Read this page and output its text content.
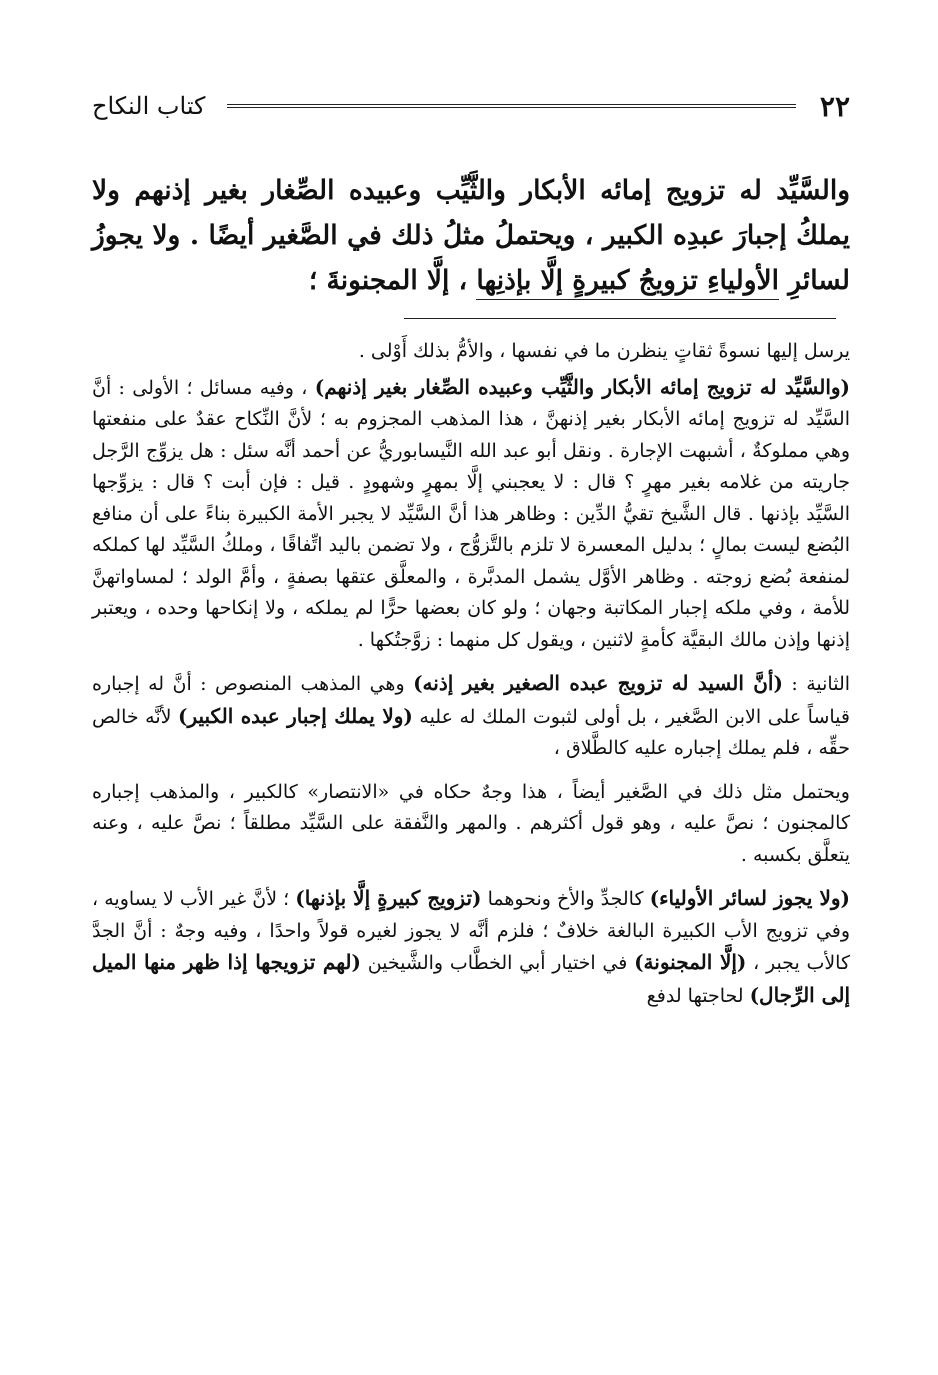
٢٢
كتاب النكاح
والسَّيِّد له تزويج إمائه الأبكار والثَّيِّب وعبيده الصِّغار بغير إذنهم ولا يملكُ إجبارَ عبدِه الكبير ، ويحتملُ مثلُ ذلك في الصَّغير أيضًا . ولا يجوزُ لسائرِ الأولياءِ تزويجُ كبيرةٍ إلَّا بإذنِها ، إلَّا المجنونةَ ؛

يرسل إليها نسوةً ثقاتٍ ينظرن ما في نفسها ، والأمُّ بذلك أَوْلى .

(والسَّيِّد له تزويج إمائه الأبكار والثَّيِّب وعبيده الصِّغار بغير إذنهم) ، وفيه مسائل ؛ الأولى : أنَّ السَّيِّد له تزويج إمائه الأبكار بغير إذنهنَّ ، هذا المذهب المجزوم به ؛ لأنَّ النِّكاح عقدٌ على منفعتها وهي مملوكةٌ ، أشبهت الإجارة . ونقل أبو عبد الله النَّيسابوريُّ عن أحمد أنَّه سئل : هل يزوِّج الرَّجل جاريته من غلامه بغير مهرٍ ؟ قال : لا يعجبني إلَّا بمهرٍ وشهودٍ . قيل : فإن أبت ؟ قال : يزوِّجها السَّيِّد بإذنها . قال الشَّيخ تقيُّ الدِّين : وظاهر هذا أنَّ السَّيِّد لا يجبر الأمة الكبيرة بناءً على أن منافع البُضع ليست بمالٍ ؛ بدليل المعسرة لا تلزم بالتَّزوُّج ، ولا تضمن باليد اتِّفاقًا ، وملكُ السَّيِّد لها كملكه لمنفعة بُضع زوجته . وظاهر الأوَّل يشمل المدبَّرة ، والمعلَّق عتقها بصفةٍ ، وأمَّ الولد ؛ لمساواتهنَّ للأمة ، وفي ملكه إجبار المكاتبة وجهان ؛ ولو كان بعضها حرًّا لم يملكه ، ولا إنكاحها وحده ، ويعتبر إذنها وإذن مالك البقيَّة كأمةٍ لاثنين ، ويقول كل منهما : زوَّجتُكها .

الثانية : (أنَّ السيد له تزويج عبده الصغير بغير إذنه) وهي المذهب المنصوص : أنَّ له إجباره قياساً على الابن الصَّغير ، بل أولى لثبوت الملك له عليه (ولا يملك إجبار عبده الكبير) لأنَّه خالص حقِّه ، فلم يملك إجباره عليه كالطَّلاق ،

ويحتمل مثل ذلك في الصَّغير أيضاً ، هذا وجهٌ حكاه في «الانتصار» كالكبير ، والمذهب إجباره كالمجنون ؛ نصَّ عليه ، وهو قول أكثرهم . والمهر والنَّفقة على السَّيِّد مطلقاً ؛ نصَّ عليه ، وعنه يتعلَّق بكسبه .

(ولا يجوز لسائر الأولياء) كالجدِّ والأخ ونحوهما (تزويج كبيرةٍ إلَّا بإذنها) ؛ لأنَّ غير الأب لا يساويه ، وفي تزويج الأب الكبيرة البالغة خلافٌ ؛ فلزم أنَّه لا يجوز لغيره قولاً واحدًا ، وفيه وجهٌ : أنَّ الجدَّ كالأب يجبر ، (إلَّا المجنونة) في اختيار أبي الخطَّاب والشَّيخين (لهم تزويجها إذا ظهر منها الميل إلى الرِّجال) لحاجتها لدفع
